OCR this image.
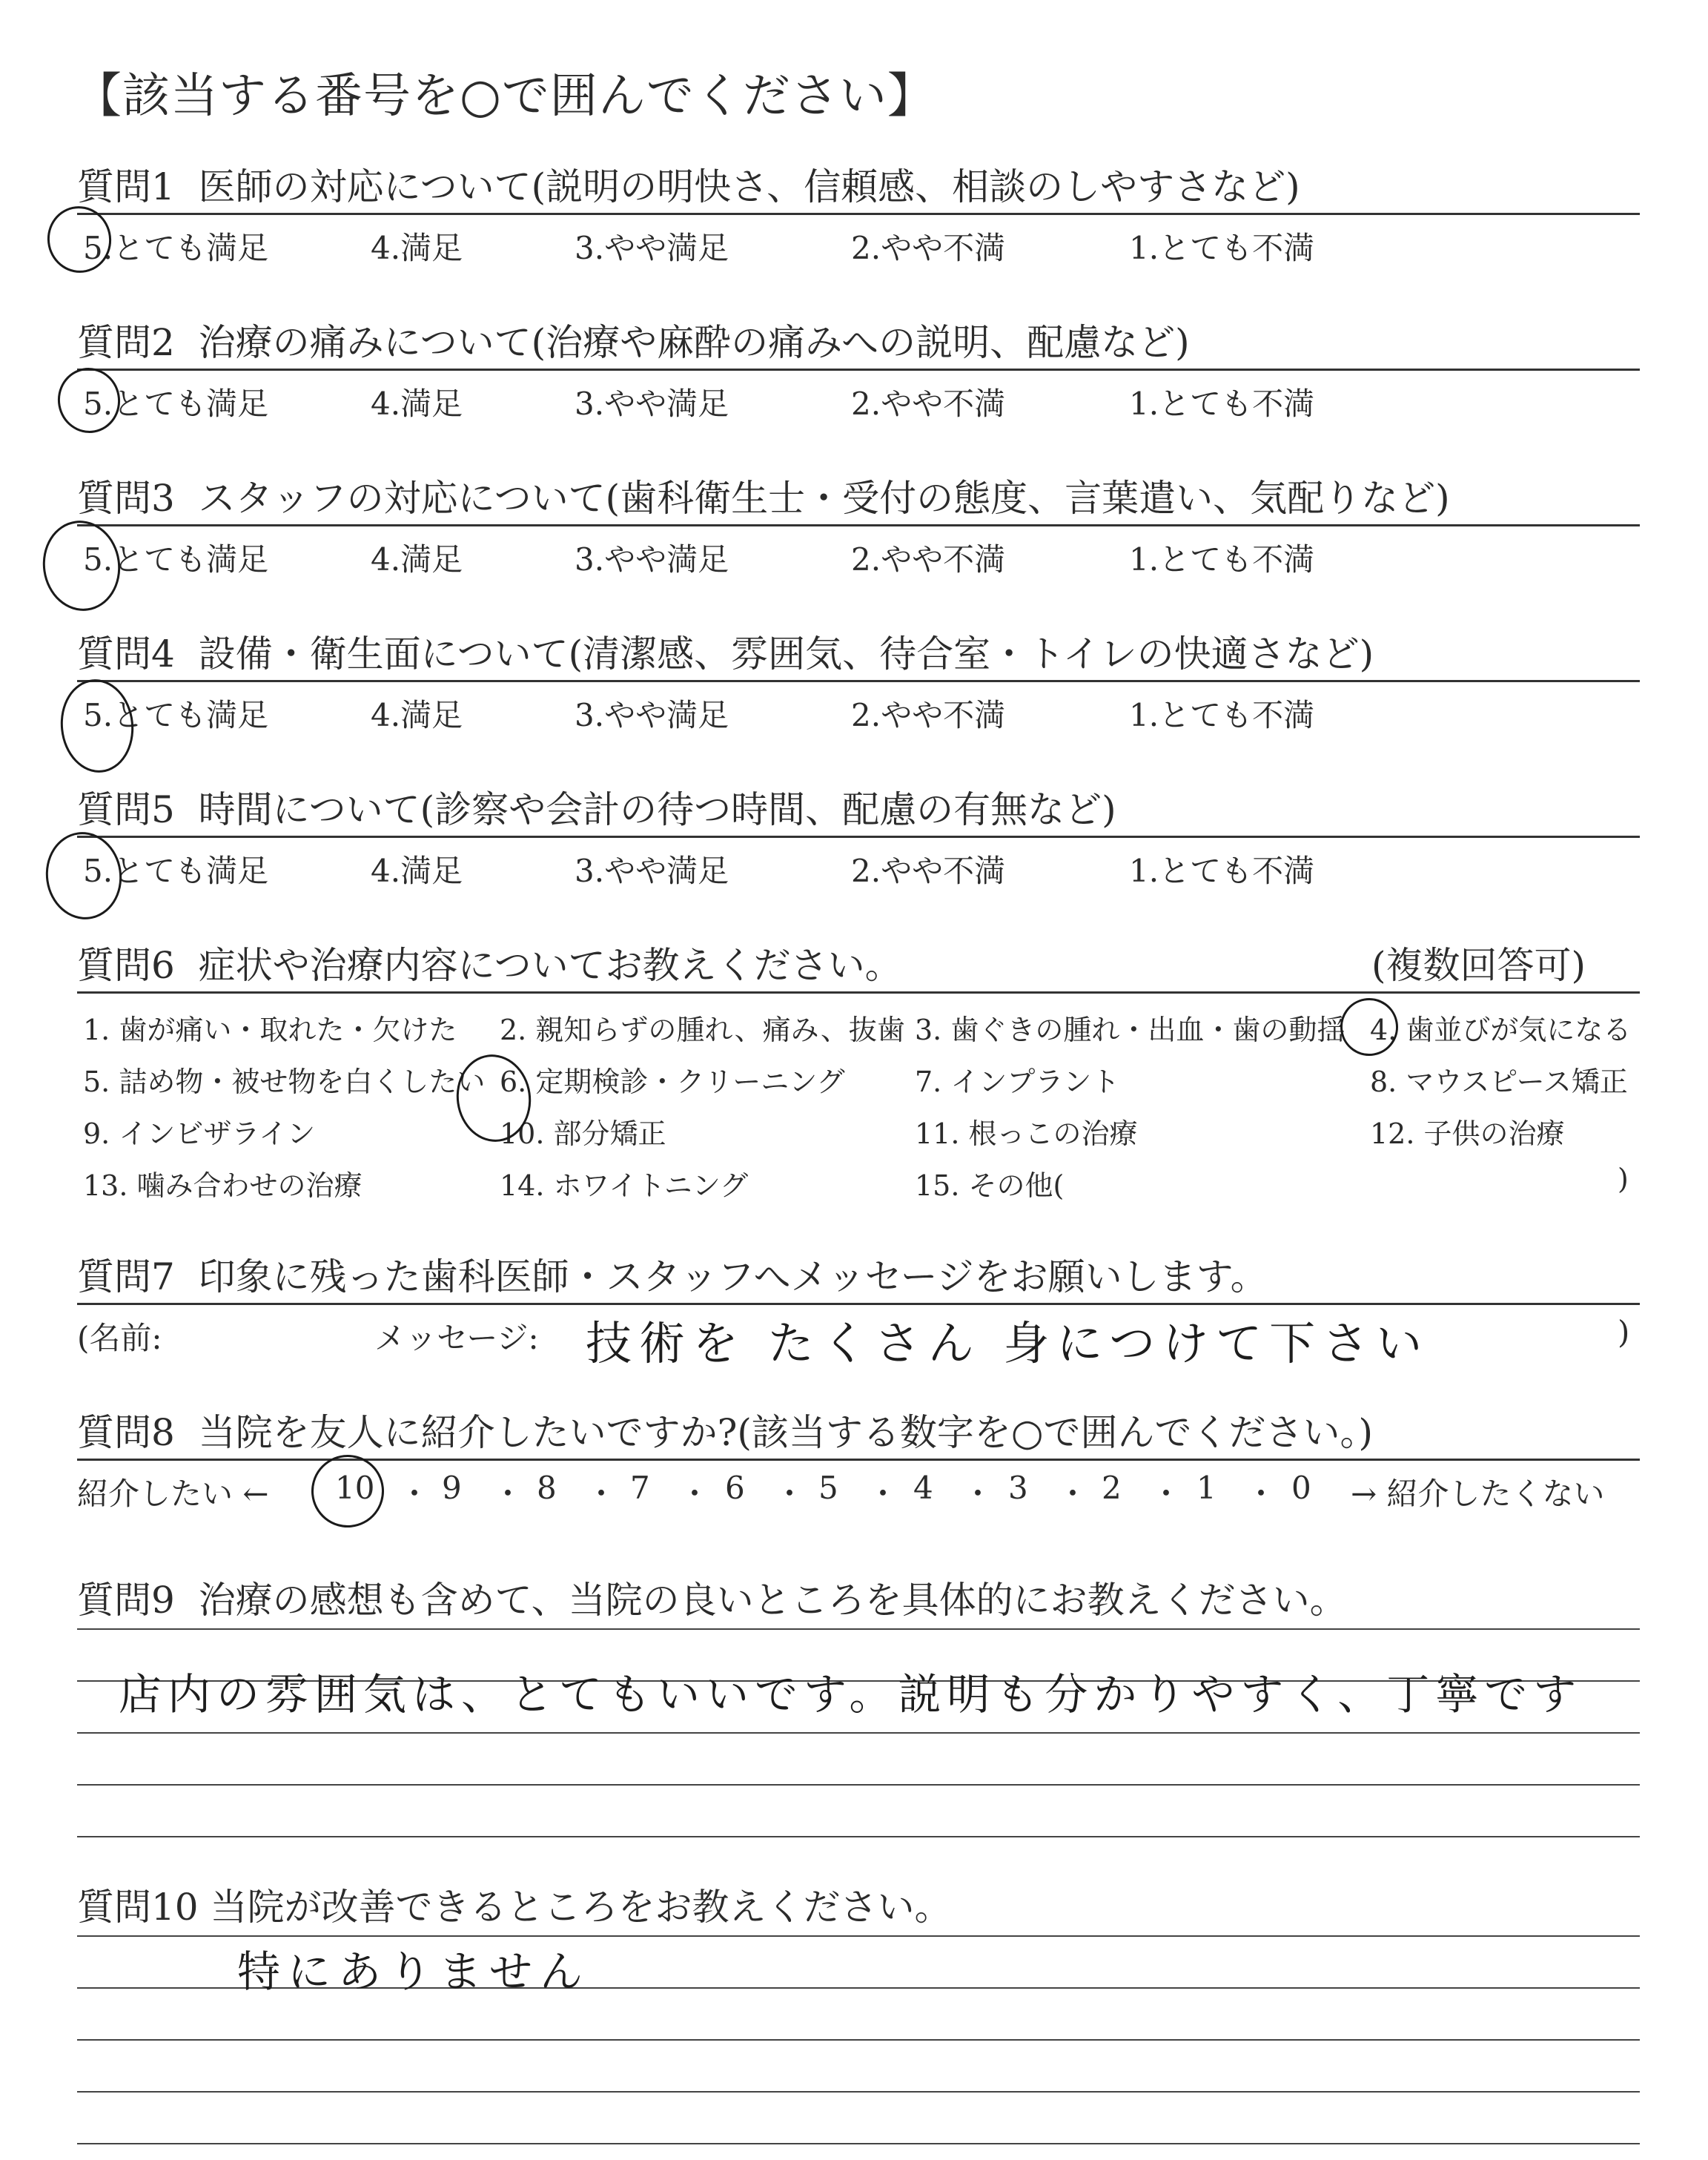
【該当する番号を○で囲んでください】
質問1 医師の対応について(説明の明快さ、信頼感、相談のしやすさなど)
5.とても満足	4.満足	3.やや満足	2.やや不満	1.とても不満
質問2 治療の痛みについて(治療や麻酔の痛みへの説明、配慮など)
5.とても満足	4.満足	3.やや満足	2.やや不満	1.とても不満
質問3 スタッフの対応について(歯科衛生士・受付の態度、言葉遣い、気配りなど)
5.とても満足	4.満足	3.やや満足	2.やや不満	1.とても不満
質問4 設備・衛生面について(清潔感、雰囲気、待合室・トイレの快適さなど)
5.とても満足	4.満足	3.やや満足	2.やや不満	1.とても不満
質問5 時間について(診察や会計の待つ時間、配慮の有無など)
5.とても満足	4.満足	3.やや満足	2.やや不満	1.とても不満
質問6 症状や治療内容についてお教えください。	(複数回答可)
1. 歯が痛い・取れた・欠けた 2. 親知らずの腫れ、痛み、抜歯 3. 歯ぐきの腫れ・出血・歯の動揺 4. 歯並びが気になる
5. 詰め物・被せ物を白くしたい 6. 定期検診・クリーニング 7. インプラント	8. マウスピース矯正
9. インビザライン	10. 部分矯正	11. 根っこの治療	12. 子供の治療
13. 噛み合わせの治療	14. ホワイトニング	15. その他(	)
質問7 印象に残った歯科医師・スタッフへメッセージをお願いします。
(名前:	メッセージ: 技術を たくさん 身につけて下さい	)
質問8 当院を友人に紹介したいですか?(該当する数字を○で囲んでください。)
紹介したい ← 10 ・ 9 ・ 8 ・ 7 ・ 6 ・ 5 ・ 4 ・ 3 ・ 2 ・ 1 ・ 0 → 紹介したくない
質問9 治療の感想も含めて、当院の良いところを具体的にお教えください。
店内の雰囲気は、とてもいいです。説明も分かりやすく、丁寧です
質問10 当院が改善できるところをお教えください。
特にありません
